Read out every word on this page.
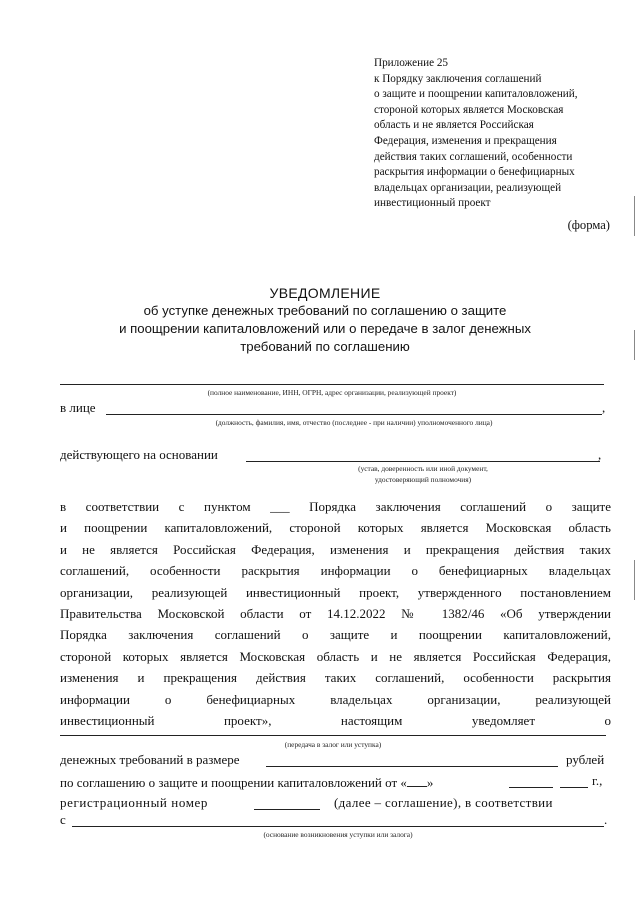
Приложение 25
к Порядку заключения соглашений
о защите и поощрении капиталовложений,
стороной которых является Московская
область и не является Российская
Федерация, изменения и прекращения
действия таких соглашений, особенности
раскрытия информации о бенефициарных
владельцах организации, реализующей
инвестиционный проект
(форма)
УВЕДОМЛЕНИЕ
об уступке денежных требований по соглашению о защите
и поощрении капиталовложений или о передаче в залог денежных
требований по соглашению
(полное наименование, ИНН, ОГРН, адрес организации, реализующей проект)
в лице	,
(должность, фамилия, имя, отчество (последнее - при наличии) уполномоченного лица)
действующего на основании	,
(устав, доверенность или иной документ,
удостоверяющий полномочия)
в соответствии с пунктом ___ Порядка заключения соглашений о защите
и поощрении капиталовложений, стороной которых является Московская область
и не является Российская Федерация, изменения и прекращения действия таких
соглашений, особенности раскрытия информации о бенефициарных владельцах
организации, реализующей инвестиционный проект, утвержденного постановлением
Правительства Московской области от 14.12.2022 № 1382/46 «Об утверждении
Порядка заключения соглашений о защите и поощрении капиталовложений,
стороной которых является Московская область и не является Российская Федерация,
изменения и прекращения действия таких соглашений, особенности раскрытия
информации о бенефициарных владельцах организации, реализующей
инвестиционный проект», настоящим уведомляет о
(передача в залог или уступка)
денежных требований в размере	рублей
по соглашению о защите и поощрении капиталовложений от « »	г.,
регистрационный номер	(далее – соглашение), в соответствии
с	.
(основание возникновения уступки или залога)
